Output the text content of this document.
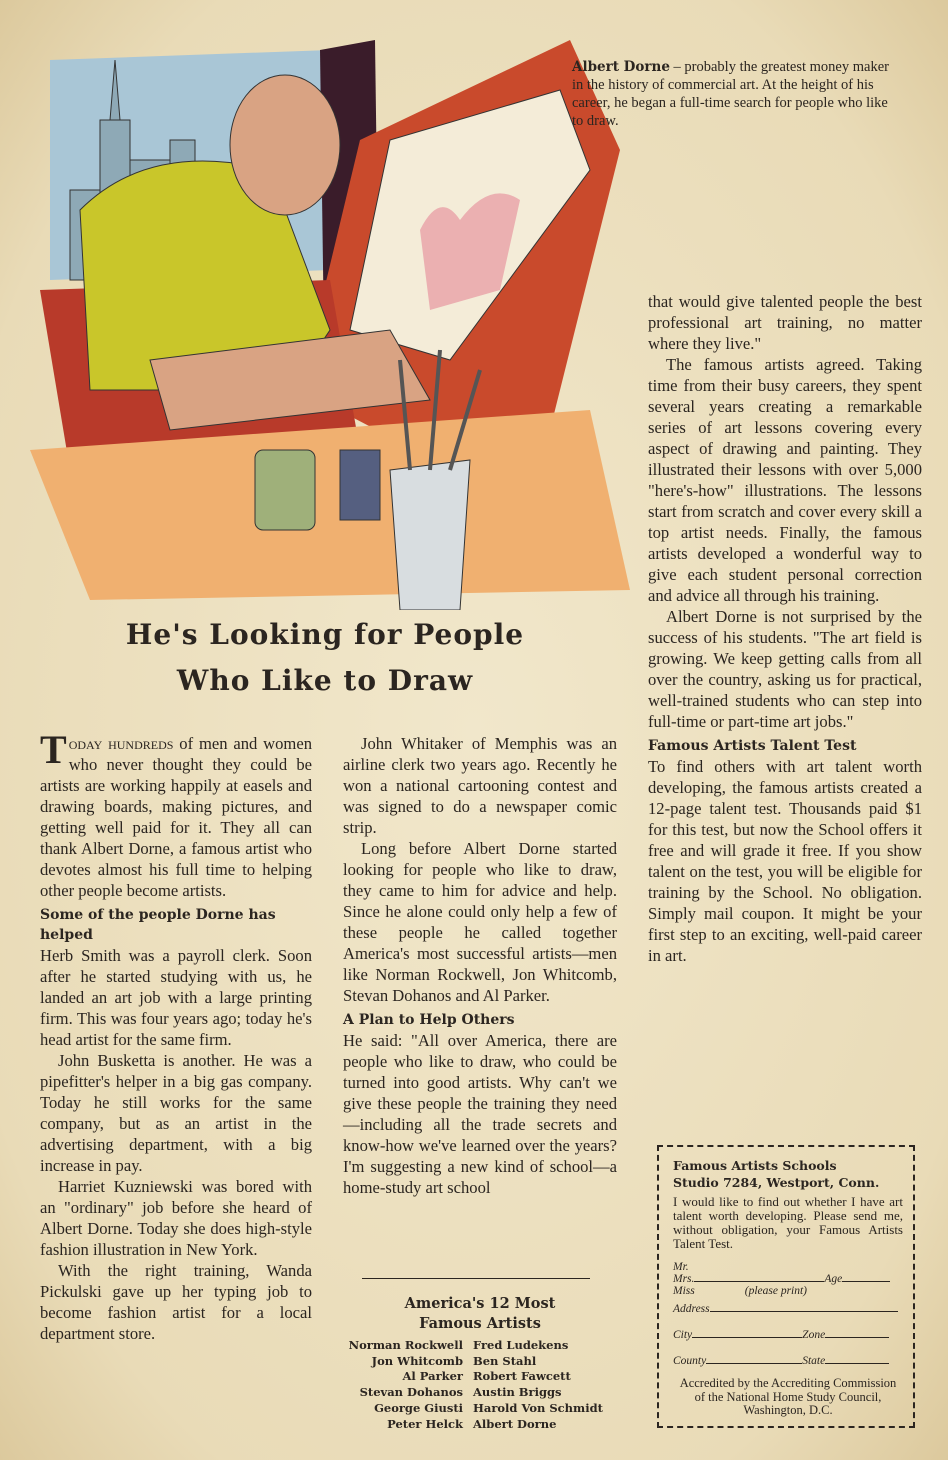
Albert Dorne – probably the greatest money maker in the history of commercial art. At the height of his career, he began a full-time search for people who like to draw.
He's Looking for People
Who Like to Draw

Today hundreds of men and women who never thought they could be artists are working happily at easels and drawing boards, making pictures, and getting well paid for it. They all can thank Albert Dorne, a famous artist who devotes almost his full time to helping other people become artists.

Some of the people Dorne has helped

Herb Smith was a payroll clerk. Soon after he started studying with us, he landed an art job with a large printing firm. This was four years ago; today he's head artist for the same firm.

John Busketta is another. He was a pipefitter's helper in a big gas company. Today he still works for the same company, but as an artist in the advertising department, with a big increase in pay.

Harriet Kuzniewski was bored with an "ordinary" job before she heard of Albert Dorne. Today she does high-style fashion illustration in New York.

With the right training, Wanda Pickulski gave up her typing job to become fashion artist for a local department store.

John Whitaker of Memphis was an airline clerk two years ago. Recently he won a national cartooning contest and was signed to do a newspaper comic strip.

Long before Albert Dorne started looking for people who like to draw, they came to him for advice and help. Since he alone could only help a few of these people he called together America's most successful artists—men like Norman Rockwell, Jon Whitcomb, Stevan Dohanos and Al Parker.

A Plan to Help Others

He said: "All over America, there are people who like to draw, who could be turned into good artists. Why can't we give these people the training they need—including all the trade secrets and know-how we've learned over the years? I'm suggesting a new kind of school—a home-study art school

that would give talented people the best professional art training, no matter where they live."

The famous artists agreed. Taking time from their busy careers, they spent several years creating a remarkable series of art lessons covering every aspect of drawing and painting. They illustrated their lessons with over 5,000 "here's-how" illustrations. The lessons start from scratch and cover every skill a top artist needs. Finally, the famous artists developed a wonderful way to give each student personal correction and advice all through his training.

Albert Dorne is not surprised by the success of his students. "The art field is growing. We keep getting calls from all over the country, asking us for practical, well-trained students who can step into full-time or part-time art jobs."

Famous Artists Talent Test

To find others with art talent worth developing, the famous artists created a 12-page talent test. Thousands paid $1 for this test, but now the School offers it free and will grade it free. If you show talent on the test, you will be eligible for training by the School. No obligation. Simply mail coupon. It might be your first step to an exciting, well-paid career in art.

America's 12 Most
Famous Artists
Norman Rockwell Fred Ludekens
Jon Whitcomb Ben Stahl
Al Parker Robert Fawcett
Stevan Dohanos Austin Briggs
George Giusti Harold Von Schmidt
Peter Helck Albert Dorne
Famous Artists Schools
Studio 7284, Westport, Conn.
I would like to find out whether I have art talent worth developing. Please send me, without obligation, your Famous Artists Talent Test.
Mr.
Mrs.	Age
Miss	(please print)
Address
City	Zone
County	State
Accredited by the Accrediting Commission of the National Home Study Council, Washington, D.C.
